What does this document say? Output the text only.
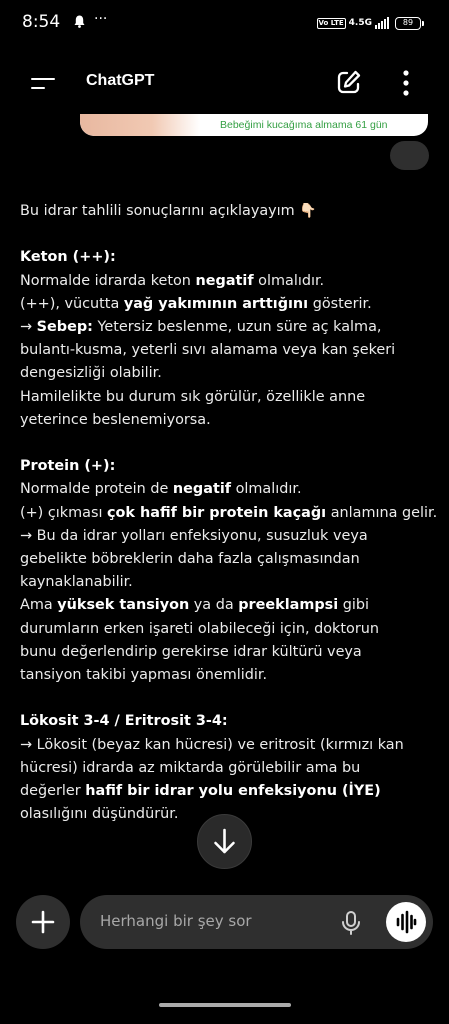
8:54 ···	Vo LTE 4.5G	89
ChatGPT
Bebeğimi kucağıma almama 61 gün
Bu idrar tahlili sonuçlarını açıklayayım 👇🏻
Keton (++):
Normalde idrarda keton negatif olmalıdır.
(++), vücutta yağ yakımının arttığını gösterir.
→ Sebep: Yetersiz beslenme, uzun süre aç kalma,
bulantı-kusma, yeterli sıvı alamama veya kan şekeri
dengesizliği olabilir.
Hamilelikte bu durum sık görülür, özellikle anne
yeterince beslenemiyorsa.
Protein (+):
Normalde protein de negatif olmalıdır.
(+) çıkması çok hafif bir protein kaçağı anlamına gelir.
→ Bu da idrar yolları enfeksiyonu, susuzluk veya
gebelikte böbreklerin daha fazla çalışmasından
kaynaklanabilir.
Ama yüksek tansiyon ya da preeklampsi gibi
durumların erken işareti olabileceği için, doktorun
bunu değerlendirip gerekirse idrar kültürü veya
tansiyon takibi yapması önemlidir.
Lökosit 3-4 / Eritrosit 3-4:
→ Lökosit (beyaz kan hücresi) ve eritrosit (kırmızı kan
hücresi) idrarda az miktarda görülebilir ama bu
değerler hafif bir idrar yolu enfeksiyonu (İYE)
olasılığını düşündürür.
Herhangi bir şey sor
